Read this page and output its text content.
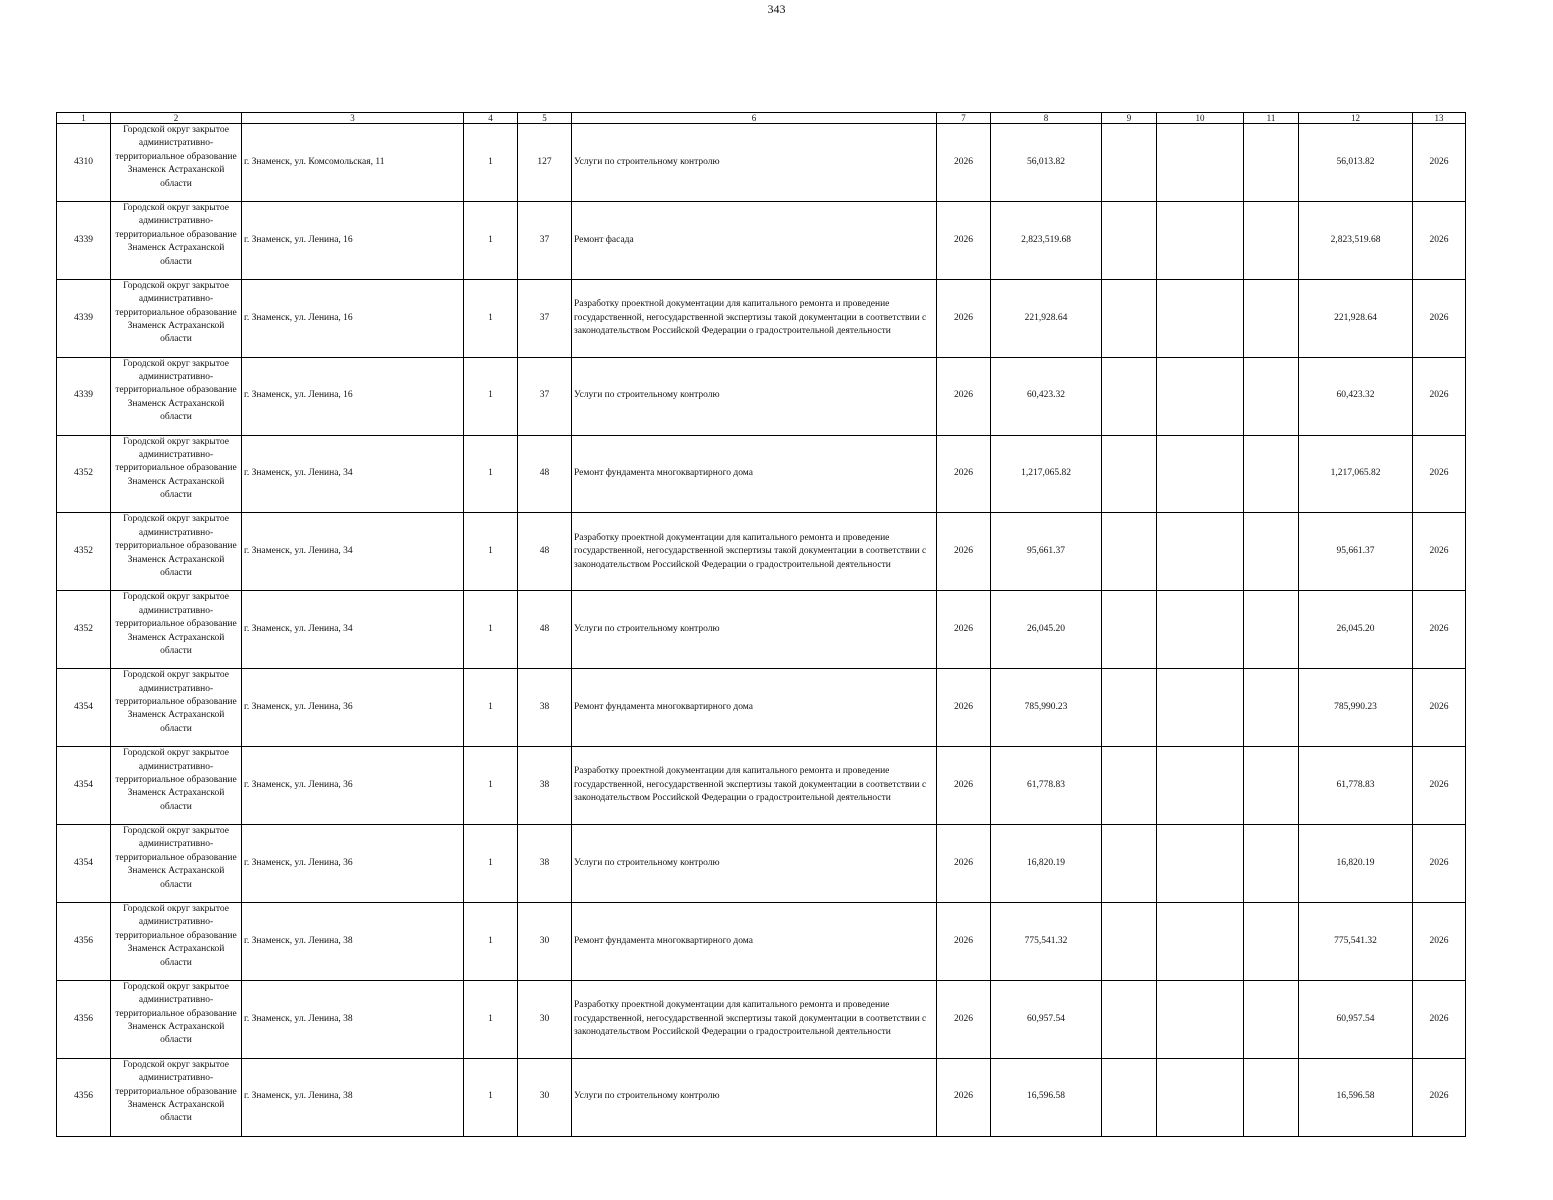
343
1	2	3	4	5	6	7	8	9	10	11	12	13
4310	Городской округ закрытое административно-территориальное образование Знаменск Астраханской области	г. Знаменск, ул. Комсомольская, 11	1	127	Услуги по строительному контролю	2026	56,013.82				56,013.82	2026
4339	Городской округ закрытое административно-территориальное образование Знаменск Астраханской области	г. Знаменск, ул. Ленина, 16	1	37	Ремонт фасада	2026	2,823,519.68				2,823,519.68	2026
4339	Городской округ закрытое административно-территориальное образование Знаменск Астраханской области	г. Знаменск, ул. Ленина, 16	1	37	Разработку проектной документации для капитального ремонта и проведение государственной, негосударственной экспертизы такой документации в соответствии с законодательством Российской Федерации о градостроительной деятельности	2026	221,928.64				221,928.64	2026
4339	Городской округ закрытое административно-территориальное образование Знаменск Астраханской области	г. Знаменск, ул. Ленина, 16	1	37	Услуги по строительному контролю	2026	60,423.32				60,423.32	2026
4352	Городской округ закрытое административно-территориальное образование Знаменск Астраханской области	г. Знаменск, ул. Ленина, 34	1	48	Ремонт фундамента многоквартирного дома	2026	1,217,065.82				1,217,065.82	2026
4352	Городской округ закрытое административно-территориальное образование Знаменск Астраханской области	г. Знаменск, ул. Ленина, 34	1	48	Разработку проектной документации для капитального ремонта и проведение государственной, негосударственной экспертизы такой документации в соответствии с законодательством Российской Федерации о градостроительной деятельности	2026	95,661.37				95,661.37	2026
4352	Городской округ закрытое административно-территориальное образование Знаменск Астраханской области	г. Знаменск, ул. Ленина, 34	1	48	Услуги по строительному контролю	2026	26,045.20				26,045.20	2026
4354	Городской округ закрытое административно-территориальное образование Знаменск Астраханской области	г. Знаменск, ул. Ленина, 36	1	38	Ремонт фундамента многоквартирного дома	2026	785,990.23				785,990.23	2026
4354	Городской округ закрытое административно-территориальное образование Знаменск Астраханской области	г. Знаменск, ул. Ленина, 36	1	38	Разработку проектной документации для капитального ремонта и проведение государственной, негосударственной экспертизы такой документации в соответствии с законодательством Российской Федерации о градостроительной деятельности	2026	61,778.83				61,778.83	2026
4354	Городской округ закрытое административно-территориальное образование Знаменск Астраханской области	г. Знаменск, ул. Ленина, 36	1	38	Услуги по строительному контролю	2026	16,820.19				16,820.19	2026
4356	Городской округ закрытое административно-территориальное образование Знаменск Астраханской области	г. Знаменск, ул. Ленина, 38	1	30	Ремонт фундамента многоквартирного дома	2026	775,541.32				775,541.32	2026
4356	Городской округ закрытое административно-территориальное образование Знаменск Астраханской области	г. Знаменск, ул. Ленина, 38	1	30	Разработку проектной документации для капитального ремонта и проведение государственной, негосударственной экспертизы такой документации в соответствии с законодательством Российской Федерации о градостроительной деятельности	2026	60,957.54				60,957.54	2026
4356	Городской округ закрытое административно-территориальное образование Знаменск Астраханской области	г. Знаменск, ул. Ленина, 38	1	30	Услуги по строительному контролю	2026	16,596.58				16,596.58	2026
